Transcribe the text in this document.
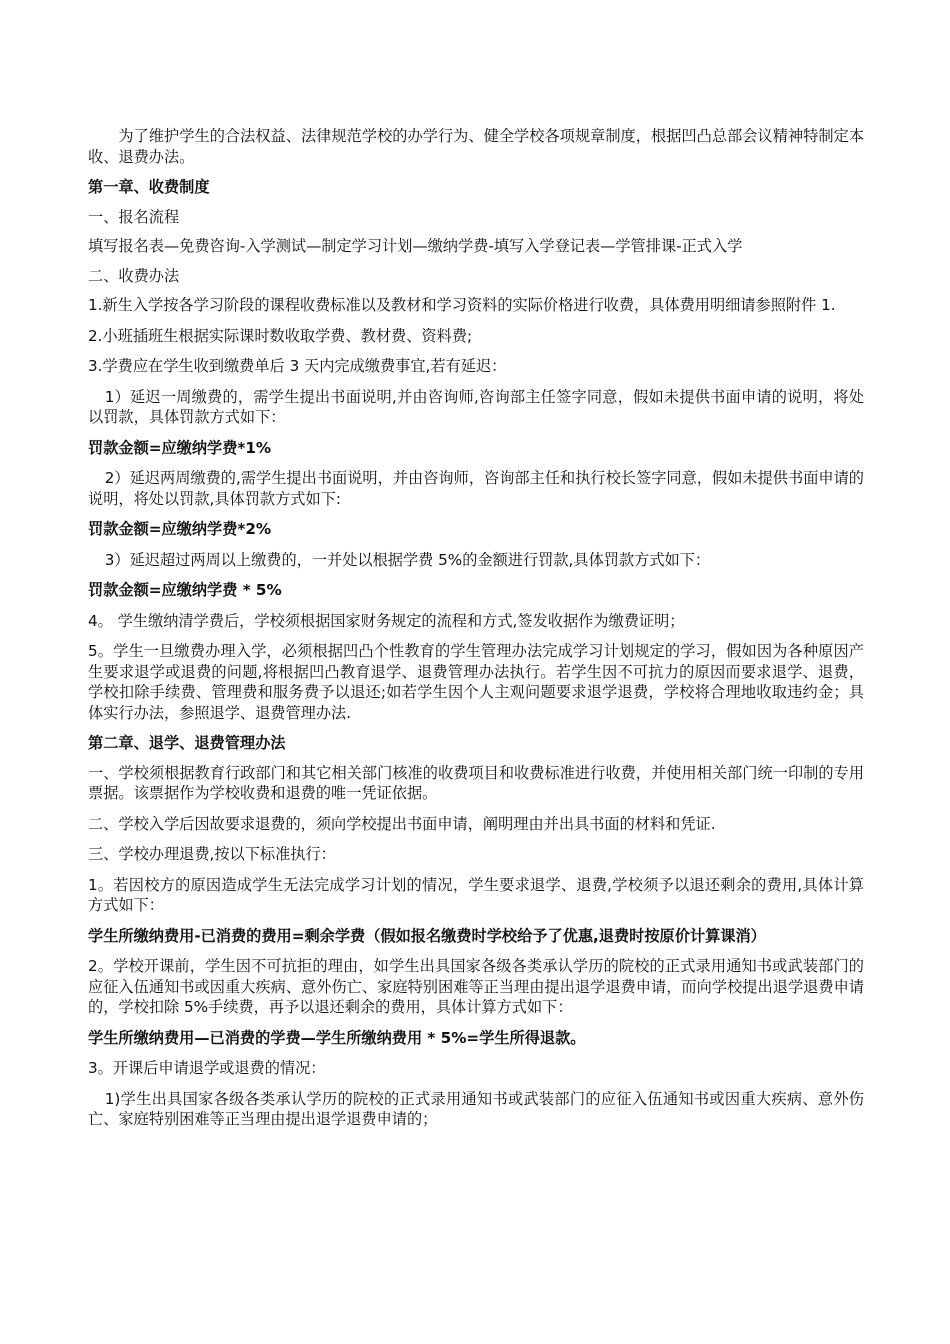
为了维护学生的合法权益、法律规范学校的办学行为、健全学校各项规章制度，根据凹凸总部会议精神特制定本收、退费办法。

第一章、收费制度

一、报名流程

填写报名表—免费咨询-入学测试—制定学习计划—缴纳学费-填写入学登记表—学管排课-正式入学

二、收费办法

1.新生入学按各学习阶段的课程收费标准以及教材和学习资料的实际价格进行收费，具体费用明细请参照附件 1.

2.小班插班生根据实际课时数收取学费、教材费、资料费;

3.学费应在学生收到缴费单后 3 天内完成缴费事宜,若有延迟：

1）延迟一周缴费的，需学生提出书面说明,并由咨询师,咨询部主任签字同意，假如未提供书面申请的说明，将处以罚款，具体罚款方式如下：

罚款金额=应缴纳学费*1%

2）延迟两周缴费的,需学生提出书面说明，并由咨询师，咨询部主任和执行校长签字同意，假如未提供书面申请的说明，将处以罚款,具体罚款方式如下:

罚款金额=应缴纳学费*2%

3）延迟超过两周以上缴费的，一并处以根据学费 5%的金额进行罚款,具体罚款方式如下：

罚款金额=应缴纳学费 * 5%

4。 学生缴纳清学费后，学校须根据国家财务规定的流程和方式,签发收据作为缴费证明；

5。学生一旦缴费办理入学，必须根据凹凸个性教育的学生管理办法完成学习计划规定的学习，假如因为各种原因产生要求退学或退费的问题,将根据凹凸教育退学、退费管理办法执行。若学生因不可抗力的原因而要求退学、退费，学校扣除手续费、管理费和服务费予以退还;如若学生因个人主观问题要求退学退费，学校将合理地收取违约金；具体实行办法，参照退学、退费管理办法.

第二章、退学、退费管理办法

一、学校须根据教育行政部门和其它相关部门核准的收费项目和收费标准进行收费，并使用相关部门统一印制的专用票据。该票据作为学校收费和退费的唯一凭证依据。

二、学校入学后因故要求退费的，须向学校提出书面申请，阐明理由并出具书面的材料和凭证.

三、学校办理退费,按以下标准执行：

1。若因校方的原因造成学生无法完成学习计划的情况，学生要求退学、退费,学校须予以退还剩余的费用,具体计算方式如下：

学生所缴纳费用-已消费的费用=剩余学费（假如报名缴费时学校给予了优惠,退费时按原价计算课消）

2。学校开课前，学生因不可抗拒的理由，如学生出具国家各级各类承认学历的院校的正式录用通知书或武装部门的应征入伍通知书或因重大疾病、意外伤亡、家庭特别困难等正当理由提出退学退费申请，而向学校提出退学退费申请的，学校扣除 5%手续费，再予以退还剩余的费用，具体计算方式如下：

学生所缴纳费用—已消费的学费—学生所缴纳费用 * 5%=学生所得退款。

3。开课后申请退学或退费的情况：

1)学生出具国家各级各类承认学历的院校的正式录用通知书或武装部门的应征入伍通知书或因重大疾病、意外伤亡、家庭特别困难等正当理由提出退学退费申请的；
